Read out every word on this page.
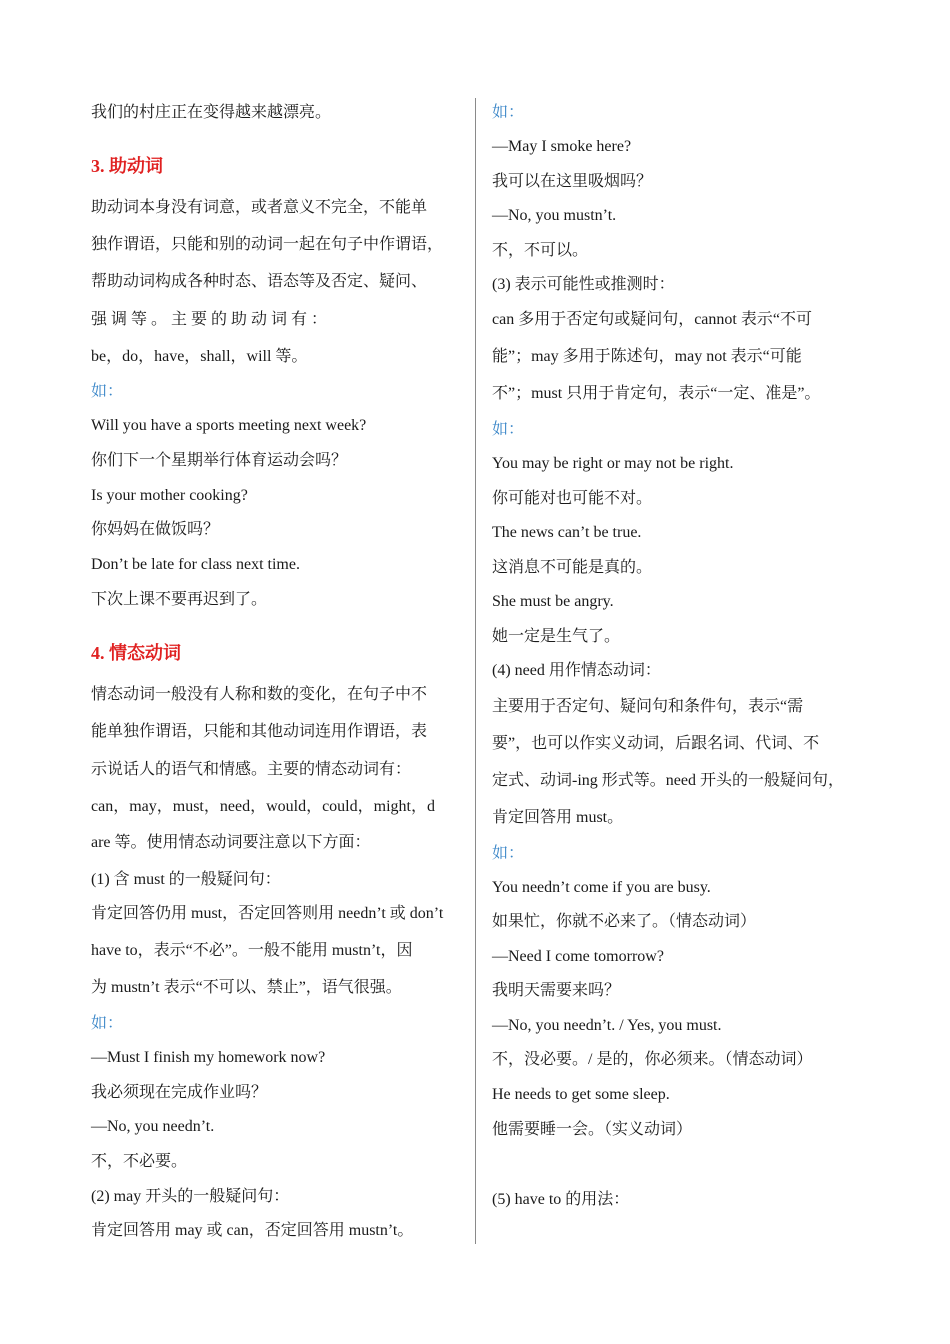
我们的村庄正在变得越来越漂亮。
3. 助动词
助动词本身没有词意，或者意义不完全，不能单
独作谓语，只能和别的动词一起在句子中作谓语，
帮助动词构成各种时态、语态等及否定、疑问、
强 调 等 。 主 要 的 助 动 词 有 ：
be，do，have，shall，will 等。
如：
Will you have a sports meeting next week?
你们下一个星期举行体育运动会吗？
Is your mother cooking?
你妈妈在做饭吗？
Don’t be late for class next time.
下次上课不要再迟到了。
4. 情态动词
情态动词一般没有人称和数的变化，在句子中不
能单独作谓语，只能和其他动词连用作谓语，表
示说话人的语气和情感。主要的情态动词有：
can，may，must，need，would，could，might，d
are 等。使用情态动词要注意以下方面：
(1) 含 must 的一般疑问句：
肯定回答仍用 must，否定回答则用 needn’t 或 don’t
have to，表示“不必”。一般不能用 mustn’t，因
为 mustn’t 表示“不可以、禁止”，语气很强。
如：
—Must I finish my homework now?
我必须现在完成作业吗？
—No, you needn’t.
不，不必要。
(2) may 开头的一般疑问句：
肯定回答用 may 或 can，否定回答用 mustn’t。
如：
—May I smoke here?
我可以在这里吸烟吗？
—No, you mustn’t.
不，不可以。
(3) 表示可能性或推测时：
can 多用于否定句或疑问句，cannot 表示“不可
能”；may 多用于陈述句，may not 表示“可能
不”；must 只用于肯定句，表示“一定、准是”。
如：
You may be right or may not be right.
你可能对也可能不对。
The news can’t be true.
这消息不可能是真的。
She must be angry.
她一定是生气了。
(4) need 用作情态动词：
主要用于否定句、疑问句和条件句，表示“需
要”，也可以作实义动词，后跟名词、代词、不
定式、动词-ing 形式等。need 开头的一般疑问句，
肯定回答用 must。
如：
You needn’t come if you are busy.
如果忙，你就不必来了。（情态动词）
—Need I come tomorrow?
我明天需要来吗？
—No, you needn’t. / Yes, you must.
不，没必要。/ 是的，你必须来。（情态动词）
He needs to get some sleep.
他需要睡一会。（实义动词）
(5) have to 的用法：
